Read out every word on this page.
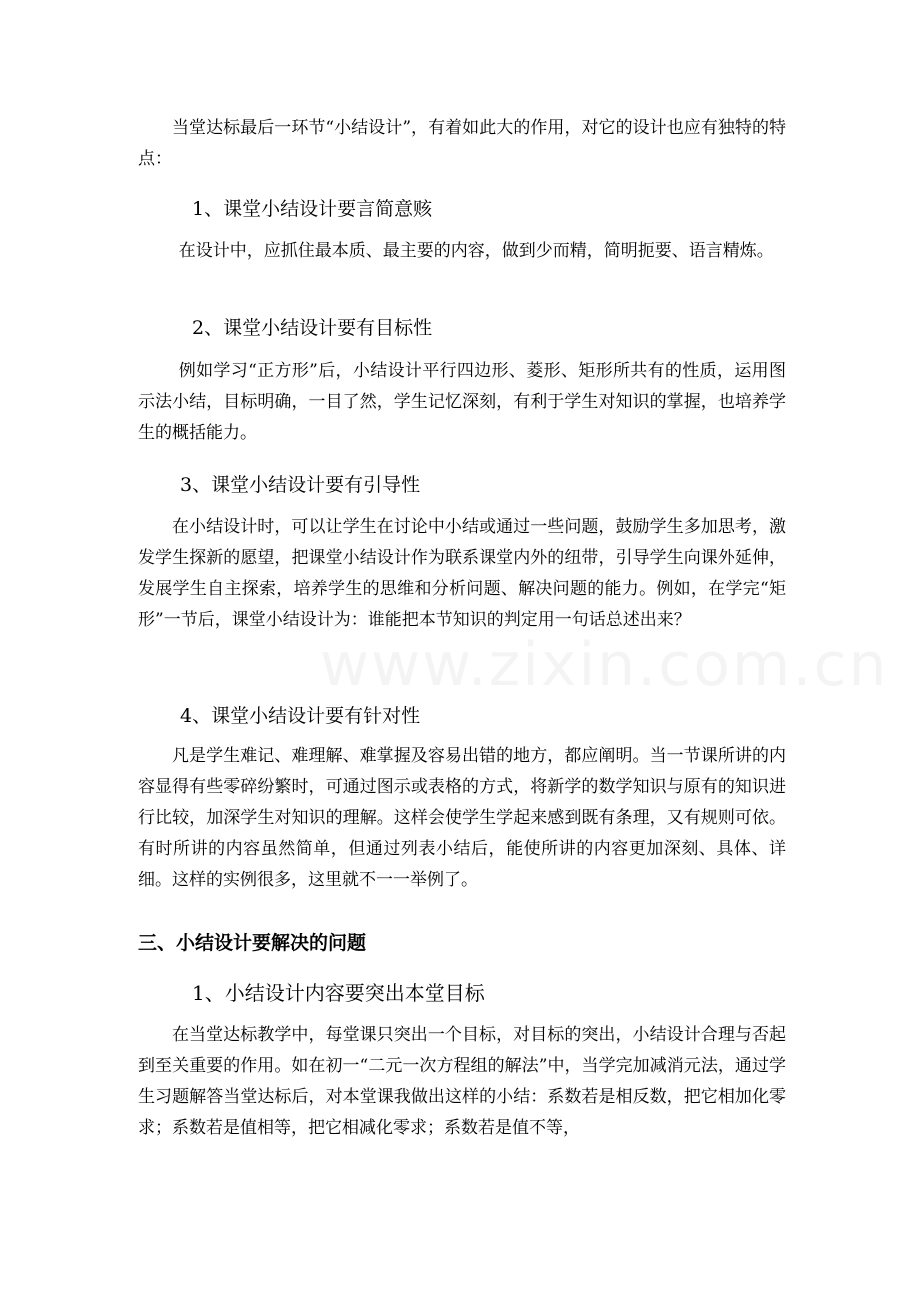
当堂达标最后一环节“小结设计”，有着如此大的作用，对它的设计也应有独特的特点：

1、课堂小结设计要言简意赅

在设计中，应抓住最本质、最主要的内容，做到少而精，简明扼要、语言精炼。

2、课堂小结设计要有目标性

例如学习“正方形”后，小结设计平行四边形、菱形、矩形所共有的性质，运用图示法小结，目标明确，一目了然，学生记忆深刻，有利于学生对知识的掌握，也培养学生的概括能力。

3、课堂小结设计要有引导性

在小结设计时，可以让学生在讨论中小结或通过一些问题，鼓励学生多加思考，激发学生探新的愿望，把课堂小结设计作为联系课堂内外的纽带，引导学生向课外延伸，发展学生自主探索，培养学生的思维和分析问题、解决问题的能力。例如，在学完“矩形”一节后，课堂小结设计为：谁能把本节知识的判定用一句话总述出来？

4、课堂小结设计要有针对性

凡是学生难记、难理解、难掌握及容易出错的地方，都应阐明。当一节课所讲的内容显得有些零碎纷繁时，可通过图示或表格的方式，将新学的数学知识与原有的知识进行比较，加深学生对知识的理解。这样会使学生学起来感到既有条理，又有规则可依。有时所讲的内容虽然简单，但通过列表小结后，能使所讲的内容更加深刻、具体、详细。这样的实例很多，这里就不一一举例了。

三、小结设计要解决的问题
1、小结设计内容要突出本堂目标

在当堂达标教学中，每堂课只突出一个目标，对目标的突出，小结设计合理与否起到至关重要的作用。如在初一“二元一次方程组的解法”中，当学完加减消元法，通过学生习题解答当堂达标后，对本堂课我做出这样的小结：系数若是相反数，把它相加化零求；系数若是值相等，把它相减化零求；系数若是值不等，
